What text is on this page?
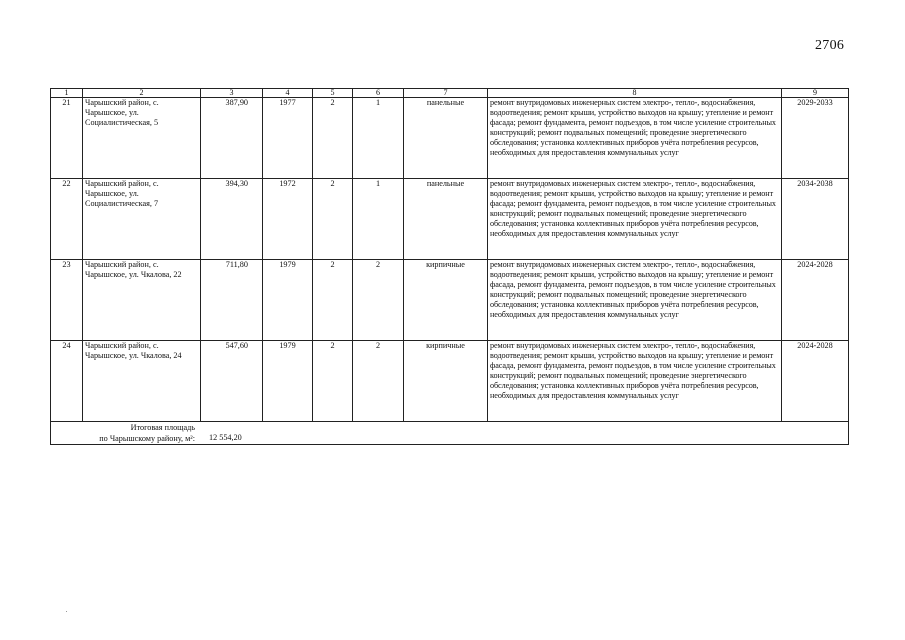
2706
1	2	3	4	5	6	7	8	9
21	Чарышский район, с. Чарышское, ул. Социалистическая, 5	387,90	1977	2	1	панельные	ремонт внутридомовых инженерных систем электро-, тепло-, водоснабжения, водоотведения; ремонт крыши, устройство выходов на крышу; утепление и ремонт фасада; ремонт фундамента, ремонт подъездов, в том числе усиление строительных конструкций; ремонт подвальных помещений; проведение энергетического обследования; установка коллективных приборов учёта потребления ресурсов, необходимых для предоставления коммунальных услуг	2029-2033
22	Чарышский район, с. Чарышское, ул. Социалистическая, 7	394,30	1972	2	1	панельные	ремонт внутридомовых инженерных систем электро-, тепло-, водоснабжения, водоотведения; ремонт крыши, устройство выходов на крышу; утепление и ремонт фасада; ремонт фундамента, ремонт подъездов, в том числе усиление строительных конструкций; ремонт подвальных помещений; проведение энергетического обследования; установка коллективных приборов учёта потребления ресурсов, необходимых для предоставления коммунальных услуг	2034-2038
23	Чарышский район, с. Чарышское, ул. Чкалова, 22	711,80	1979	2	2	кирпичные	ремонт внутридомовых инженерных систем электро-, тепло-, водоснабжения, водоотведения; ремонт крыши, устройство выходов на крышу; утепление и ремонт фасада, ремонт фундамента, ремонт подъездов, в том числе усиление строительных конструкций; ремонт подвальных помещений; проведение энергетического обследования; установка коллективных приборов учёта потребления ресурсов, необходимых для предоставления коммунальных услуг	2024-2028
24	Чарышский район, с. Чарышское, ул. Чкалова, 24	547,60	1979	2	2	кирпичные	ремонт внутридомовых инженерных систем электро-, тепло-, водоснабжения, водоотведения; ремонт крыши, устройство выходов на крышу; утепление и ремонт фасада, ремонт фундамента, ремонт подъездов, в том числе усиление строительных конструкций; ремонт подвальных помещений; проведение энергетического обследования; установка коллективных приборов учёта потребления ресурсов, необходимых для предоставления коммунальных услуг	2024-2028

Итоговая площадь
по Чарышскому району, м²: 12 554,20								
